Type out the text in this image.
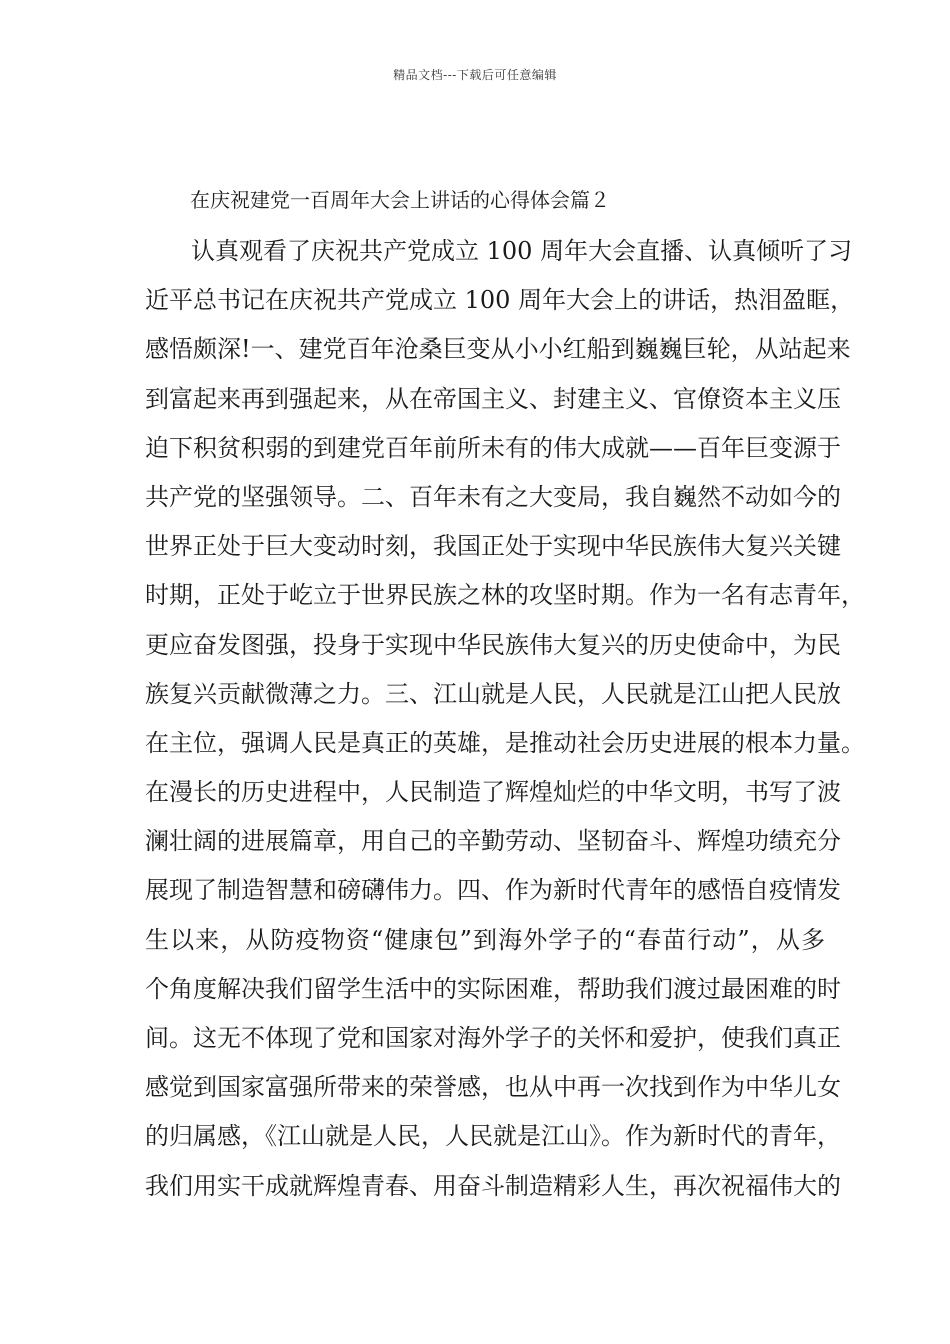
精品文档---下载后可任意编辑
在庆祝建党一百周年大会上讲话的心得体会篇２
认真观看了庆祝共产党成立 100 周年大会直播、认真倾听了习
近平总书记在庆祝共产党成立 100 周年大会上的讲话，热泪盈眶，
感悟颇深!一、建党百年沧桑巨变从小小红船到巍巍巨轮，从站起来
到富起来再到强起来，从在帝国主义、封建主义、官僚资本主义压
迫下积贫积弱的到建党百年前所未有的伟大成就——百年巨变源于
共产党的坚强领导。二、百年未有之大变局，我自巍然不动如今的
世界正处于巨大变动时刻，我国正处于实现中华民族伟大复兴关键
时期，正处于屹立于世界民族之林的攻坚时期。作为一名有志青年，
更应奋发图强，投身于实现中华民族伟大复兴的历史使命中，为民
族复兴贡献微薄之力。三、江山就是人民，人民就是江山把人民放
在主位，强调人民是真正的英雄，是推动社会历史进展的根本力量。
在漫长的历史进程中，人民制造了辉煌灿烂的中华文明，书写了波
澜壮阔的进展篇章，用自己的辛勤劳动、坚韧奋斗、辉煌功绩充分
展现了制造智慧和磅礴伟力。四、作为新时代青年的感悟自疫情发
生以来，从防疫物资“健康包”到海外学子的“春苗行动”，从多
个角度解决我们留学生活中的实际困难，帮助我们渡过最困难的时
间。这无不体现了党和国家对海外学子的关怀和爱护，使我们真正
感觉到国家富强所带来的荣誉感，也从中再一次找到作为中华儿女
的归属感，《江山就是人民，人民就是江山》。作为新时代的青年，
我们用实干成就辉煌青春、用奋斗制造精彩人生，再次祝福伟大的
